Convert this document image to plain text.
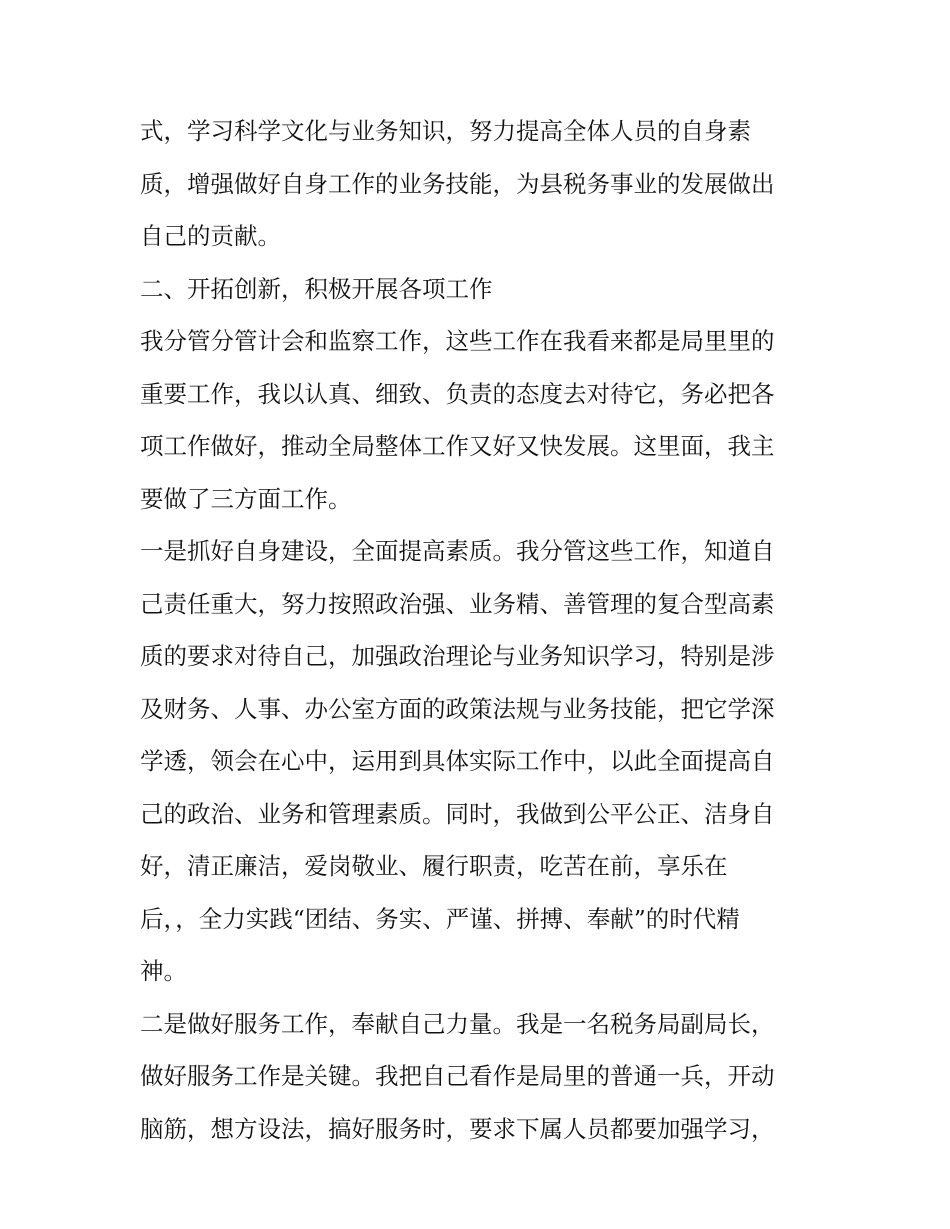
式，学习科学文化与业务知识，努力提高全体人员的自身素
质，增强做好自身工作的业务技能，为县税务事业的发展做出
自己的贡献。
二、开拓创新，积极开展各项工作
我分管分管计会和监察工作，这些工作在我看来都是局里里的
重要工作，我以认真、细致、负责的态度去对待它，务必把各
项工作做好，推动全局整体工作又好又快发展。这里面，我主
要做了三方面工作。
一是抓好自身建设，全面提高素质。我分管这些工作，知道自
己责任重大，努力按照政治强、业务精、善管理的复合型高素
质的要求对待自己，加强政治理论与业务知识学习，特别是涉
及财务、人事、办公室方面的政策法规与业务技能，把它学深
学透，领会在心中，运用到具体实际工作中，以此全面提高自
己的政治、业务和管理素质。同时，我做到公平公正、洁身自
好，清正廉洁，爱岗敬业、履行职责，吃苦在前，享乐在
后，，全力实践“团结、务实、严谨、拼搏、奉献”的时代精
神。
二是做好服务工作，奉献自己力量。我是一名税务局副局长，
做好服务工作是关键。我把自己看作是局里的普通一兵，开动
脑筋，想方设法，搞好服务时，要求下属人员都要加强学习，
